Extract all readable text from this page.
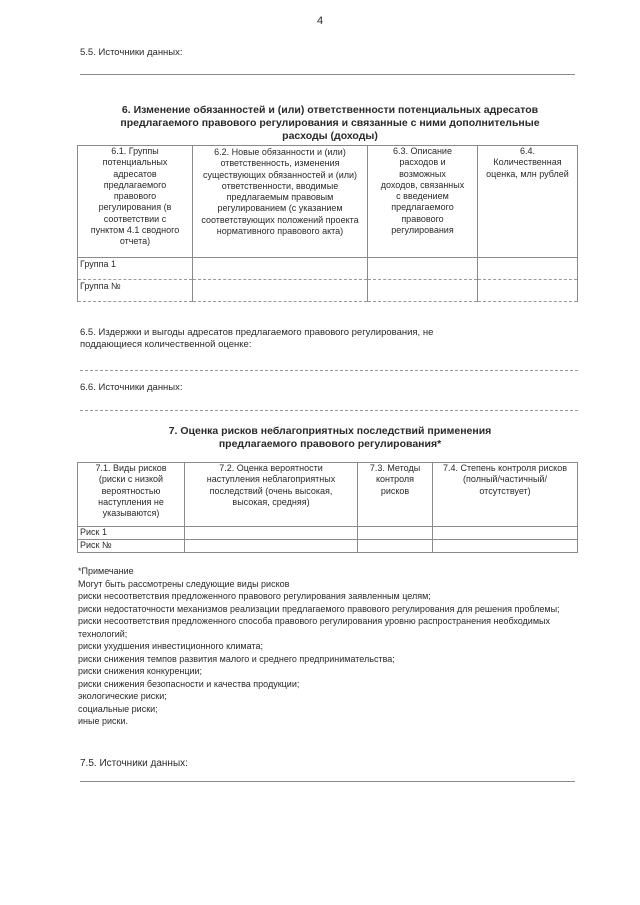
4
5.5. Источники данных:
6. Изменение обязанностей и (или) ответственности потенциальных адресатов
предлагаемого правового регулирования и связанные с ними дополнительные
расходы (доходы)
6.1. Группы потенциальных адресатов предлагаемого правового регулирования (в соответствии с пунктом 4.1 сводного отчета)	6.2. Новые обязанности и (или) ответственность, изменения существующих обязанностей и (или) ответственности, вводимые предлагаемым правовым регулированием (с указанием соответствующих положений проекта нормативного правового акта)	6.3. Описание расходов и возможных доходов, связанных с введением предлагаемого правового регулирования	6.4. Количественная оценка, млн рублей
Группа 1			
Группа №			
6.5. Издержки и выгоды адресатов предлагаемого правового регулирования, не
поддающиеся количественной оценке:
6.6. Источники данных:
7. Оценка рисков неблагоприятных последствий применения
предлагаемого правового регулирования*
7.1. Виды рисков (риски с низкой вероятностью наступления не указываются)	7.2. Оценка вероятности наступления неблагоприятных последствий (очень высокая, высокая, средняя)	7.3. Методы контроля рисков	7.4. Степень контроля рисков (полный/частичный/ отсутствует)
Риск 1			
Риск №			
*Примечание
Могут быть рассмотрены следующие виды рисков
риски несоответствия предложенного правового регулирования заявленным целям;
риски недостаточности механизмов реализации предлагаемого правового регулирования для решения проблемы;
риски несоответствия предложенного способа правового регулирования уровню распространения необходимых технологий;
риски ухудшения инвестиционного климата;
риски снижения темпов развития малого и среднего предпринимательства;
риски снижения конкуренции;
риски снижения безопасности и качества продукции;
экологические риски;
социальные риски;
иные риски.
7.5. Источники данных:
